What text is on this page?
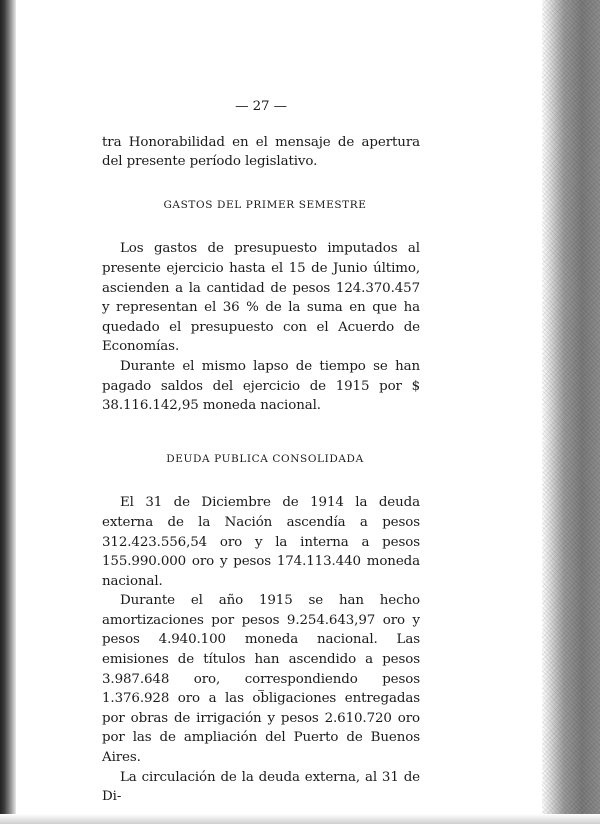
— 27 —

tra Honorabilidad en el mensaje de apertura del presente período legislativo.

GASTOS DEL PRIMER SEMESTRE

Los gastos de presupuesto imputados al presente ejercicio hasta el 15 de Junio último, ascienden a la cantidad de pesos 124.370.457 y representan el 36 % de la suma en que ha quedado el presupuesto con el Acuerdo de Economías.

Durante el mismo lapso de tiempo se han pagado saldos del ejercicio de 1915 por $ 38.116.142,95 moneda nacional.

DEUDA PUBLICA CONSOLIDADA

El 31 de Diciembre de 1914 la deuda externa de la Nación ascendía a pesos 312.423.556,54 oro y la interna a pesos 155.990.000 oro y pesos 174.113.440 moneda nacional.

Durante el año 1915 se han hecho amortizaciones por pesos 9.254.643,97 oro y pesos 4.940.100 moneda nacional. Las emisiones de títulos han ascendido a pesos 3.987.648 oro, correspondiendo pesos 1.376.928 oro a las obligaciones entregadas por obras de irrigación y pesos 2.610.720 oro por las de ampliación del Puerto de Buenos Aires.

La circulación de la deuda externa, al 31 de Di-
